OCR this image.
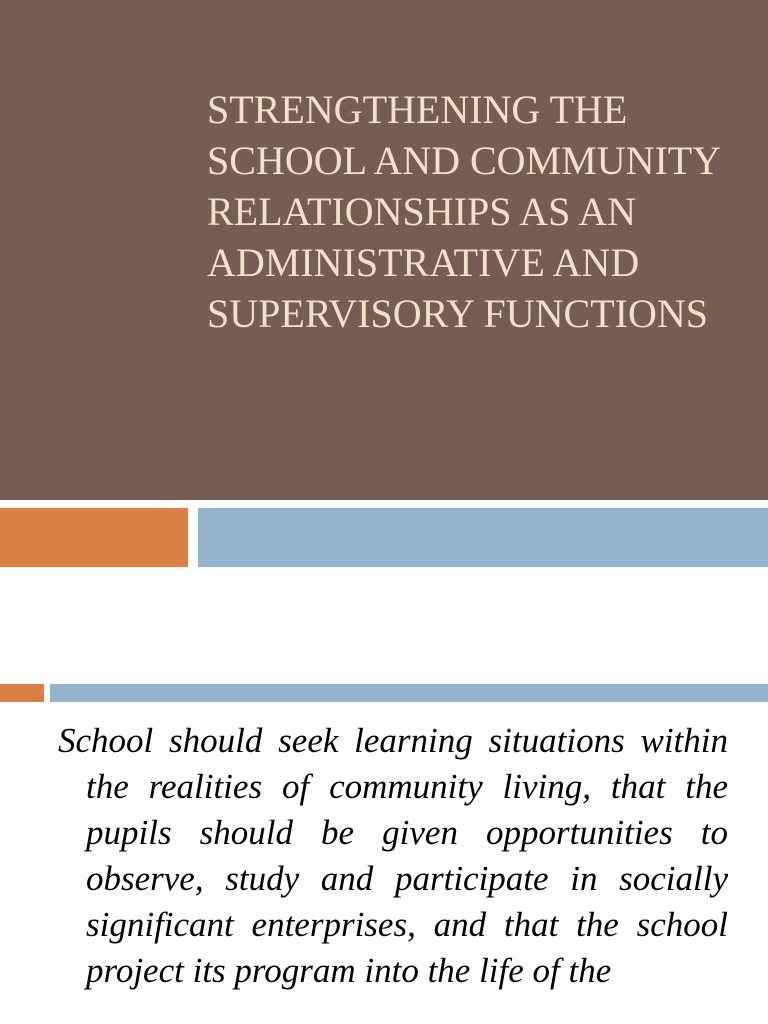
STRENGTHENING THE SCHOOL AND COMMUNITY RELATIONSHIPS AS AN ADMINISTRATIVE AND SUPERVISORY FUNCTIONS

School should seek learning situations within the realities of community living, that the pupils should be given opportunities to observe, study and participate in socially significant enterprises, and that the school project its program into the life of the
